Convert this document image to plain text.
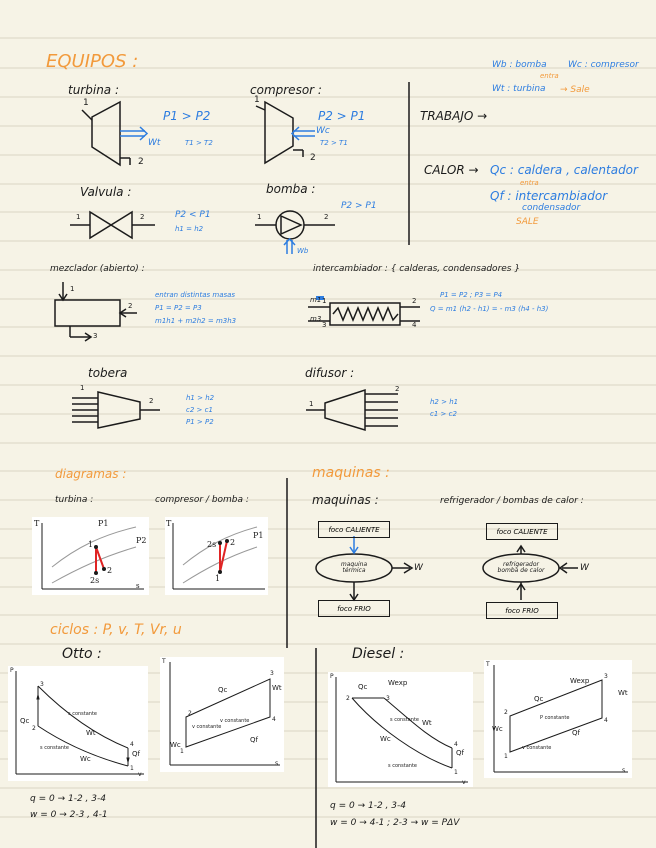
EQUIPOS :	Wb : bomba Wc : compresor
entra
Wt : turbina → Sale
turbina :
P1 > P2
T1 > T2
Wt
1
2
compresor :
P2 > P1
T2 > T1
Wc
1
2
TRABAJO →
CALOR → Qc : caldera , calentador
entra
Qf : intercambiador
condensador
SALE
Valvula :
P2 < P1
h1 = h2
1	2
bomba :
P2 > P1
Wb
1	2
mezclador (abierto) :
entran distintas masas
P1 = P2 = P3
m1h1 + m2h2 = m3h3
1
2
3
intercambiador : { calderas, condensadores }
P1 = P2 ; P3 = P4
Q = m1 (h2 - h1) = - m3 (h4 - h3)
m1
m3
1	2
3	4
tobera
h1 > h2
c2 > c1
P1 > P2
1
2
difusor :
h2 > h1
c1 > c2
1
2
diagramas :
turbina :	compresor / bomba :
T
s
P1
P2
1
2s
2
2s 2
1
P1
T
maquinas :
maquinas :	refrigerador / bombas de calor :
foco CALIENTE
maquina térmica	W
foco FRIO
foco CALIENTE
refrigerador bomba de calor	W
foco FRIO
ciclos : P, v, T, Vr, u
Otto :	Diesel :
P
v
Qc
Qf
Wt
Wc
s constante
s constante
3
2
4
1
T
s
Qc
Qf
Wt
Wc
v constante
v constante
3
2
4
1
P
v
Qc	Wexp
Qf
Wt
Wc
s constante
s constante
2	3
4
1
T
s
Qc
Qf
Wexp
Wt
Wc
P constante
v constante
3
2
4
1
q = 0 → 1-2 , 3-4
w = 0 → 2-3 , 4-1
q = 0 → 1-2 , 3-4
w = 0 → 4-1 ; 2-3 → w = PΔV
